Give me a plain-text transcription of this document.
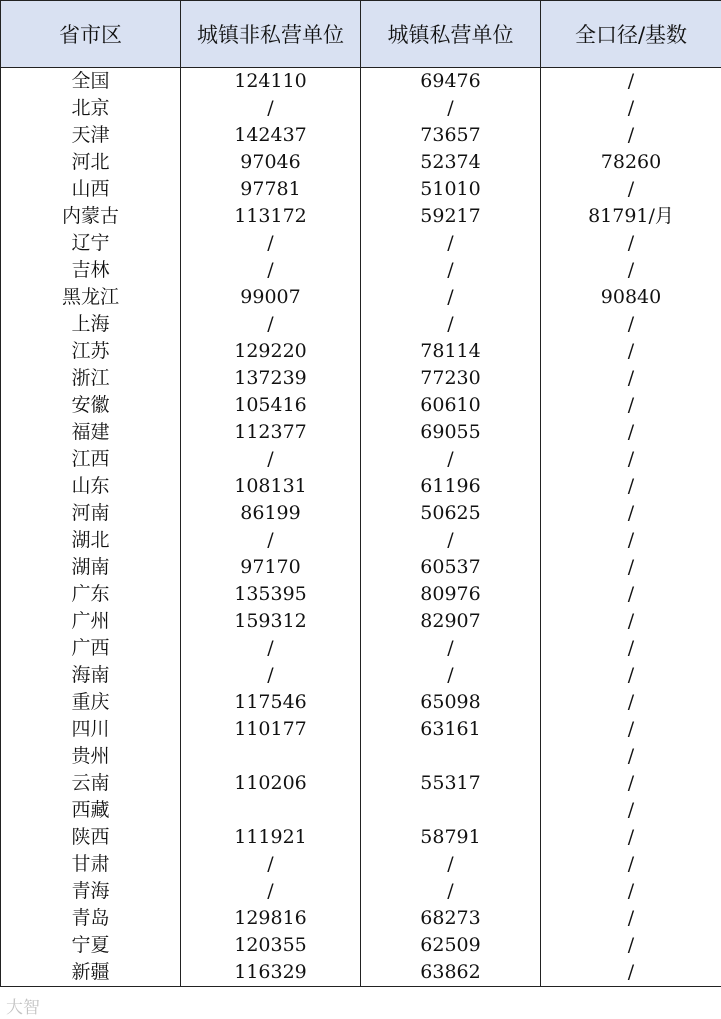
省市区	城镇非私营单位	城镇私营单位	全口径/基数
全国	124110	69476	/
北京	/	/	/
天津	142437	73657	/
河北	97046	52374	78260
山西	97781	51010	/
内蒙古	113172	59217	81791/月
辽宁	/	/	/
吉林	/	/	/
黑龙江	99007	/	90840
上海	/	/	/
江苏	129220	78114	/
浙江	137239	77230	/
安徽	105416	60610	/
福建	112377	69055	/
江西	/	/	/
山东	108131	61196	/
河南	86199	50625	/
湖北	/	/	/
湖南	97170	60537	/
广东	135395	80976	/
广州	159312	82907	/
广西	/	/	/
海南	/	/	/
重庆	117546	65098	/
四川	110177	63161	/
贵州			/
云南	110206	55317	/
西藏			/
陕西	111921	58791	/
甘肃	/	/	/
青海	/	/	/
青岛	129816	68273	/
宁夏	120355	62509	/
新疆	116329	63862	/
大智
